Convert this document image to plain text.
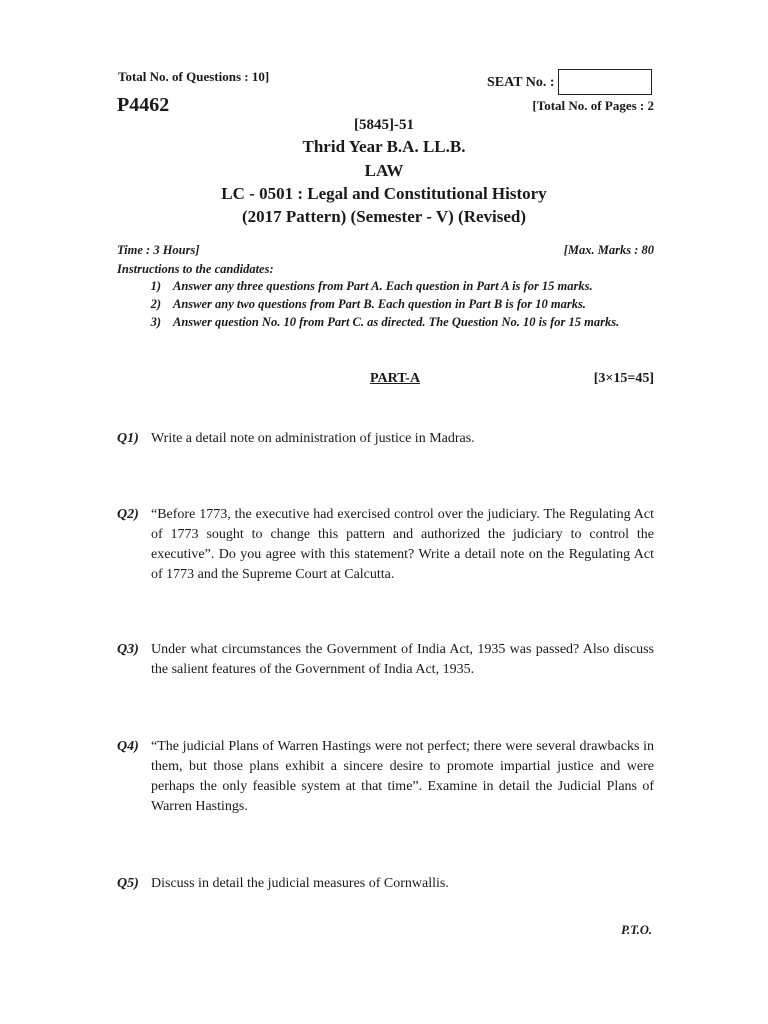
Total No. of Questions : 10]
P4462
SEAT No. :
[Total No. of Pages : 2
[5845]-51
Thrid Year B.A. LL.B.
LAW
LC - 0501 : Legal and Constitutional History
(2017 Pattern) (Semester - V) (Revised)
Time : 3 Hours]	[Max. Marks : 80
Instructions to the candidates:
1) Answer any three questions from Part A. Each question in Part A is for 15 marks.
2) Answer any two questions from Part B. Each question in Part B is for 10 marks.
3) Answer question No. 10 from Part C. as directed. The Question No. 10 is for 15 marks.
PART-A	[3×15=45]
Q1) Write a detail note on administration of justice in Madras.
Q2) “Before 1773, the executive had exercised control over the judiciary. The Regulating Act of 1773 sought to change this pattern and authorized the judiciary to control the executive”. Do you agree with this statement? Write a detail note on the Regulating Act of 1773 and the Supreme Court at Calcutta.
Q3) Under what circumstances the Government of India Act, 1935 was passed? Also discuss the salient features of the Government of India Act, 1935.
Q4) “The judicial Plans of Warren Hastings were not perfect; there were several drawbacks in them, but those plans exhibit a sincere desire to promote impartial justice and were perhaps the only feasible system at that time”. Examine in detail the Judicial Plans of Warren Hastings.
Q5) Discuss in detail the judicial measures of Cornwallis.
P.T.O.
